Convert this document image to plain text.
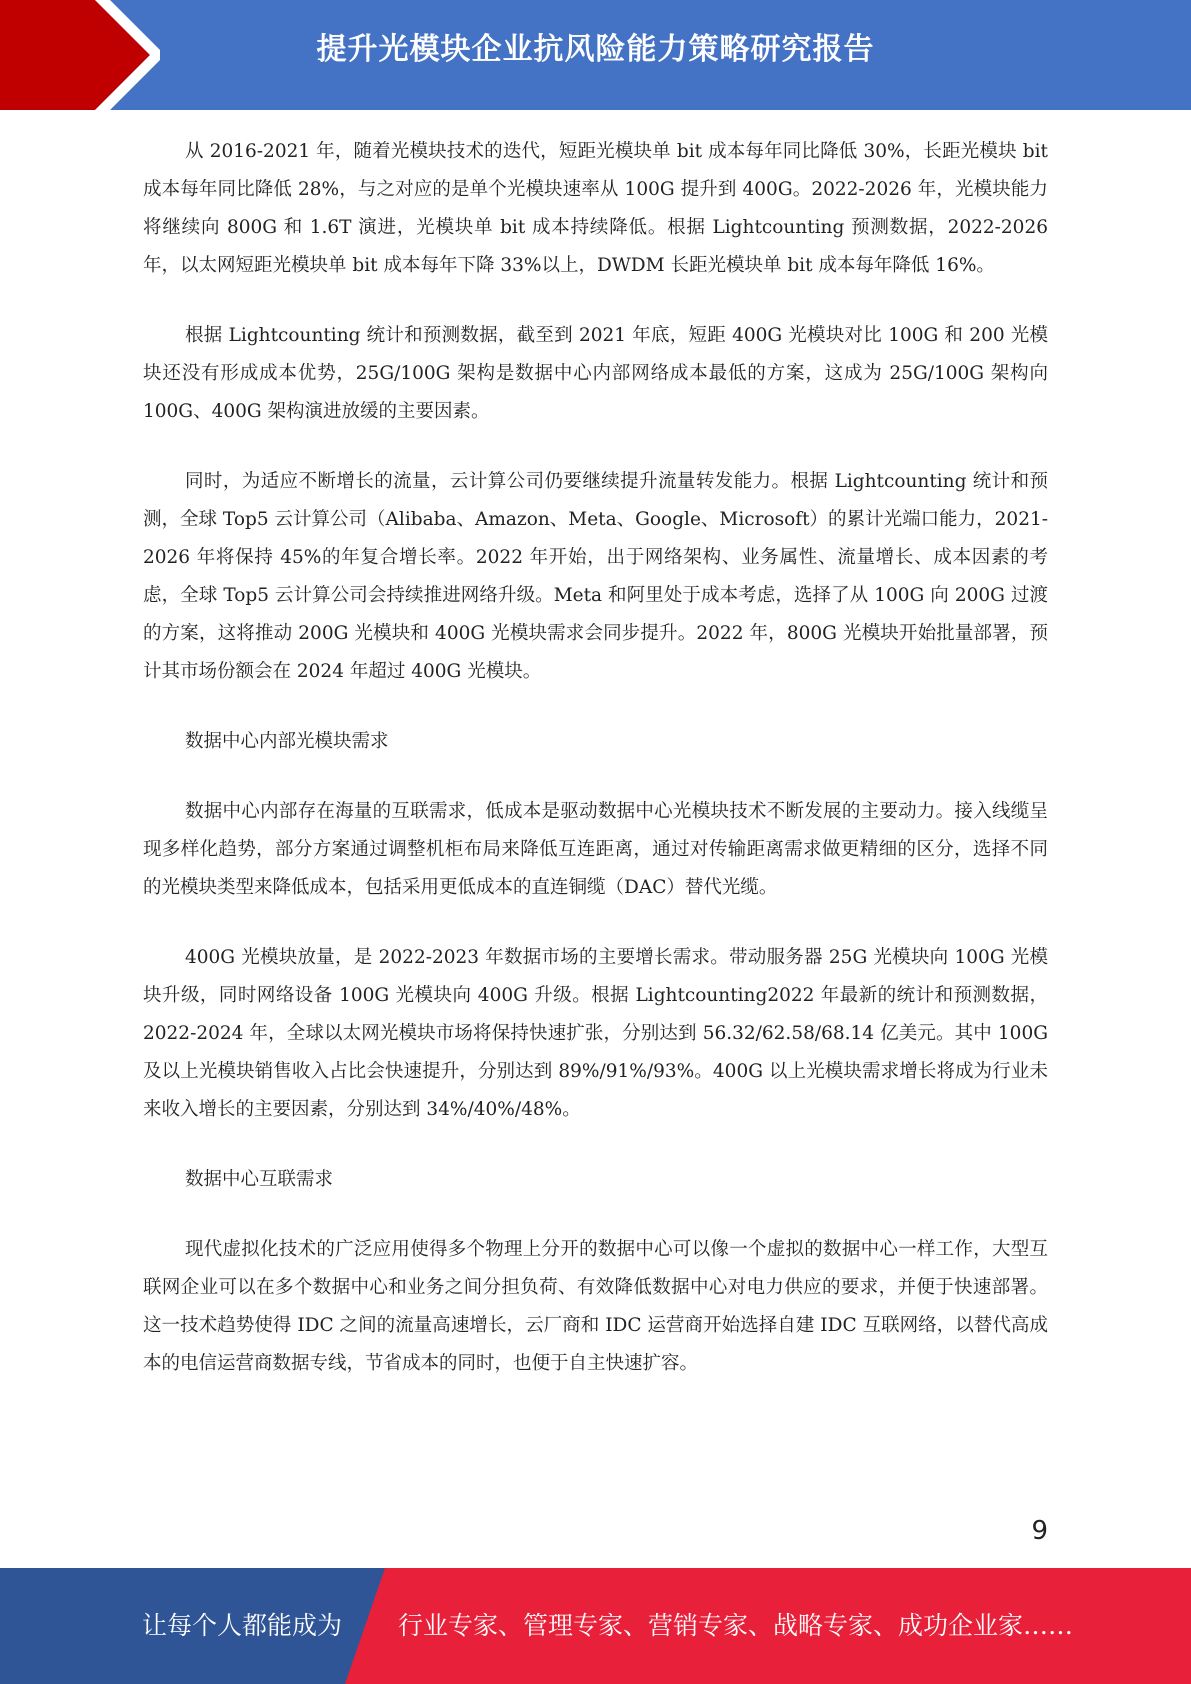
提升光模块企业抗风险能力策略研究报告

从 2016-2021 年，随着光模块技术的迭代，短距光模块单 bit 成本每年同比降低 30%，长距光模块 bit 成本每年同比降低 28%，与之对应的是单个光模块速率从 100G 提升到 400G。2022-2026 年，光模块能力将继续向 800G 和 1.6T 演进，光模块单 bit 成本持续降低。根据 Lightcounting 预测数据，2022-2026 年，以太网短距光模块单 bit 成本每年下降 33%以上，DWDM 长距光模块单 bit 成本每年降低 16%。

根据 Lightcounting 统计和预测数据，截至到 2021 年底，短距 400G 光模块对比 100G 和 200 光模块还没有形成成本优势，25G/100G 架构是数据中心内部网络成本最低的方案，这成为 25G/100G 架构向 100G、400G 架构演进放缓的主要因素。

同时，为适应不断增长的流量，云计算公司仍要继续提升流量转发能力。根据 Lightcounting 统计和预测，全球 Top5 云计算公司（Alibaba、Amazon、Meta、Google、Microsoft）的累计光端口能力，2021-2026 年将保持 45%的年复合增长率。2022 年开始，出于网络架构、业务属性、流量增长、成本因素的考虑，全球 Top5 云计算公司会持续推进网络升级。Meta 和阿里处于成本考虑，选择了从 100G 向 200G 过渡的方案，这将推动 200G 光模块和 400G 光模块需求会同步提升。2022 年，800G 光模块开始批量部署，预计其市场份额会在 2024 年超过 400G 光模块。

数据中心内部光模块需求

数据中心内部存在海量的互联需求，低成本是驱动数据中心光模块技术不断发展的主要动力。接入线缆呈现多样化趋势，部分方案通过调整机柜布局来降低互连距离，通过对传输距离需求做更精细的区分，选择不同的光模块类型来降低成本，包括采用更低成本的直连铜缆（DAC）替代光缆。

400G 光模块放量，是 2022-2023 年数据市场的主要增长需求。带动服务器 25G 光模块向 100G 光模块升级，同时网络设备 100G 光模块向 400G 升级。根据 Lightcounting2022 年最新的统计和预测数据，2022-2024 年，全球以太网光模块市场将保持快速扩张，分别达到 56.32/62.58/68.14 亿美元。其中 100G 及以上光模块销售收入占比会快速提升，分别达到 89%/91%/93%。400G 以上光模块需求增长将成为行业未来收入增长的主要因素，分别达到 34%/40%/48%。

数据中心互联需求

现代虚拟化技术的广泛应用使得多个物理上分开的数据中心可以像一个虚拟的数据中心一样工作，大型互联网企业可以在多个数据中心和业务之间分担负荷、有效降低数据中心对电力供应的要求，并便于快速部署。这一技术趋势使得 IDC 之间的流量高速增长，云厂商和 IDC 运营商开始选择自建 IDC 互联网络，以替代高成本的电信运营商数据专线，节省成本的同时，也便于自主快速扩容。

9
让每个人都能成为 行业专家、管理专家、营销专家、战略专家、成功企业家……
